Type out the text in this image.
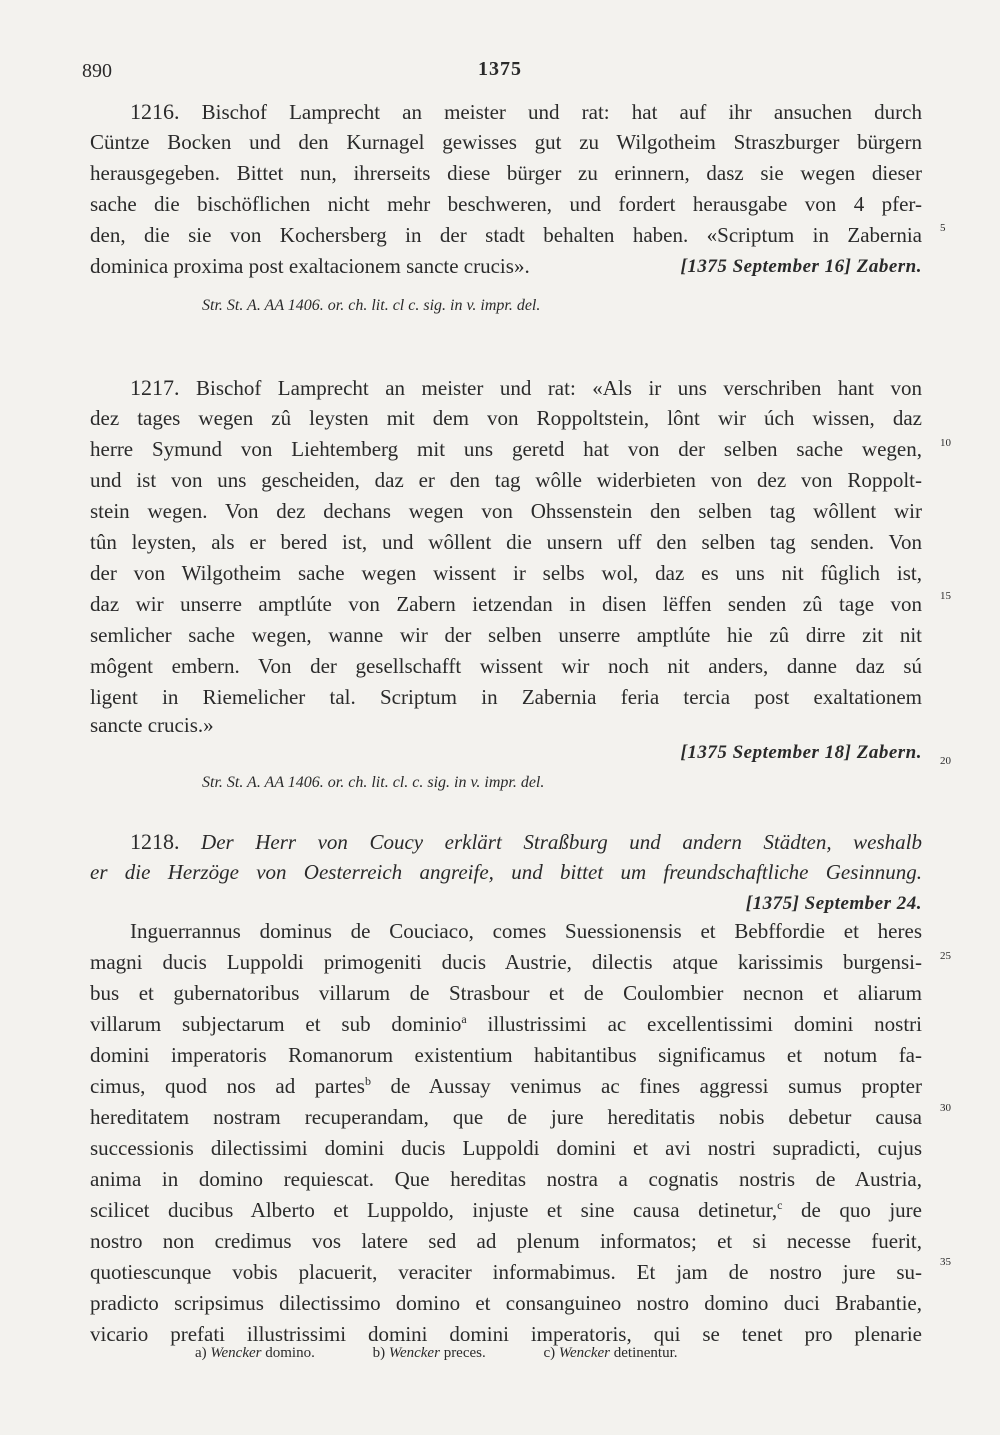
890	1375
5
10
15
20
25
30
35
1216. Bischof Lamprecht an meister und rat: hat auf ihr ansuchen durch
Cüntze Bocken und den Kurnagel gewisses gut zu Wilgotheim Straszburger bürgern
herausgegeben. Bittet nun, ihrerseits diese bürger zu erinnern, dasz sie wegen dieser
sache die bischöflichen nicht mehr beschweren, und fordert herausgabe von 4 pfer-
den, die sie von Kochersberg in der stadt behalten haben. «Scriptum in Zabernia
dominica proxima post exaltacionem sancte crucis».	[1375 September 16] Zabern.
Str. St. A. AA 1406. or. ch. lit. cl c. sig. in v. impr. del.
1217. Bischof Lamprecht an meister und rat: «Als ir uns verschriben hant von
dez tages wegen zû leysten mit dem von Roppoltstein, lônt wir úch wissen, daz
herre Symund von Liehtemberg mit uns geretd hat von der selben sache wegen,
und ist von uns gescheiden, daz er den tag wôlle widerbieten von dez von Roppolt-
stein wegen. Von dez dechans wegen von Ohssenstein den selben tag wôllent wir
tûn leysten, als er bered ist, und wôllent die unsern uff den selben tag senden. Von
der von Wilgotheim sache wegen wissent ir selbs wol, daz es uns nit fûglich ist,
daz wir unserre amptlúte von Zabern ietzendan in disen lëffen senden zû tage von
semlicher sache wegen, wanne wir der selben unserre amptlúte hie zû dirre zit nit
môgent embern. Von der gesellschafft wissent wir noch nit anders, danne daz sú
ligent in Riemelicher tal. Scriptum in Zabernia feria tercia post exaltationem
sancte crucis.»
[1375 September 18] Zabern.
Str. St. A. AA 1406. or. ch. lit. cl. c. sig. in v. impr. del.
1218. Der Herr von Coucy erklärt Straßburg und andern Städten, weshalb
er die Herzöge von Oesterreich angreife, und bittet um freundschaftliche Gesinnung.
[1375] September 24.
Inguerrannus dominus de Couciaco, comes Suessionensis et Bebffordie et heres
magni ducis Luppoldi primogeniti ducis Austrie, dilectis atque karissimis burgensi-
bus et gubernatoribus villarum de Strasbour et de Coulombier necnon et aliarum
villarum subjectarum et sub dominio$^a$ illustrissimi ac excellentissimi domini nostri
domini imperatoris Romanorum existentium habitantibus significamus et notum fa-
cimus, quod nos ad partes$^b$ de Aussay venimus ac fines aggressi sumus propter
hereditatem nostram recuperandam, que de jure hereditatis nobis debetur causa
successionis dilectissimi domini ducis Luppoldi domini et avi nostri supradicti, cujus
anima in domino requiescat. Que hereditas nostra a cognatis nostris de Austria,
scilicet ducibus Alberto et Luppoldo, injuste et sine causa detinetur,$^c$ de quo jure
nostro non credimus vos latere sed ad plenum informatos; et si necesse fuerit,
quotiescunque vobis placuerit, veraciter informabimus. Et jam de nostro jure su-
pradicto scripsimus dilectissimo domino et consanguineo nostro domino duci Brabantie,
vicario prefati illustrissimi domini domini imperatoris, qui se tenet pro plenarie
a) Wencker domino.	b) Wencker preces.	c) Wencker detinentur.
